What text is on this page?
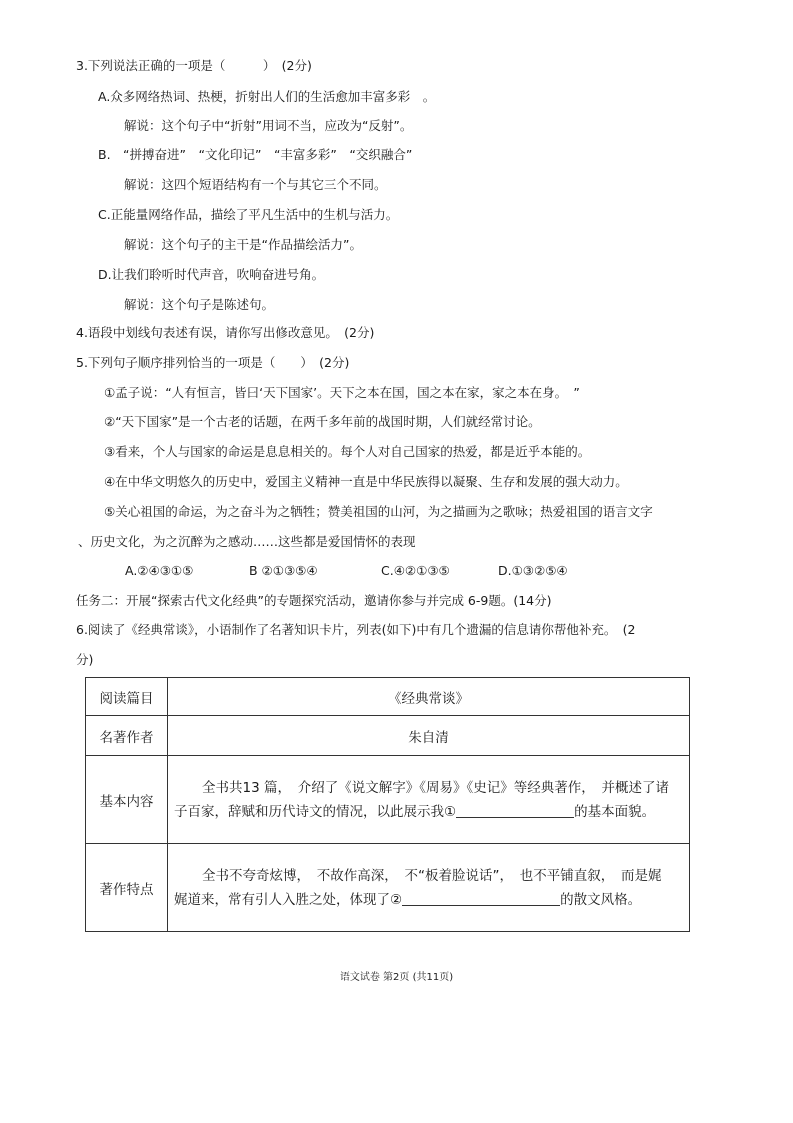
3.下列说法正确的一项是（　　　）　(2分)
A.众多网络热词、热梗，折射出人们的生活愈加丰富多彩　。
解说：这个句子中“折射”用词不当，应改为“反射”。
B.　“拼搏奋进”　“文化印记”　“丰富多彩”　“交织融合”
解说：这四个短语结构有一个与其它三个不同。
C.正能量网络作品，描绘了平凡生活中的生机与活力。
解说：这个句子的主干是“作品描绘活力”。
D.让我们聆听时代声音，吹响奋进号角。
解说：这个句子是陈述句。
4.语段中划线句表述有误，请你写出修改意见。　(2分)
5.下列句子顺序排列恰当的一项是（　　）　(2分)
①孟子说：“人有恒言，皆曰‘天下国家’。天下之本在国，国之本在家，家之本在身。　”
②“天下国家”是一个古老的话题，在两千多年前的战国时期，人们就经常讨论。
③看来，个人与国家的命运是息息相关的。每个人对自己国家的热爱，都是近乎本能的。
④在中华文明悠久的历史中，爱国主义精神一直是中华民族得以凝聚、生存和发展的强大动力。
⑤关心祖国的命运，为之奋斗为之牺牲；赞美祖国的山河，为之描画为之歌咏；热爱祖国的语言文字
、历史文化，为之沉醉为之感动……这些都是爱国情怀的表现
A.②④③①⑤	B ②①③⑤④	C.④②①③⑤	D.①③②⑤④
任务二：开展“探索古代文化经典”的专题探究活动，邀请你参与并完成 6-9题。(14分)
6.阅读了《经典常谈》，小语制作了名著知识卡片，列表(如下)中有几个遗漏的信息请你帮他补充。　(2
分)
阅读篇目	《经典常谈》
名著作者	朱自清
基本内容	全书共13 篇，　介绍了《说文解字》《周易》《史记》等经典著作，　并概述了诸子百家，辞赋和历代诗文的情况，以此展示我① 的基本面貌。
著作特点	全书不夸奇炫博，　不故作高深，　不“板着脸说话”，　也不平铺直叙，　而是娓娓道来，常有引人入胜之处，体现了② 的散文风格。
语文试卷 第2页 (共11页)
